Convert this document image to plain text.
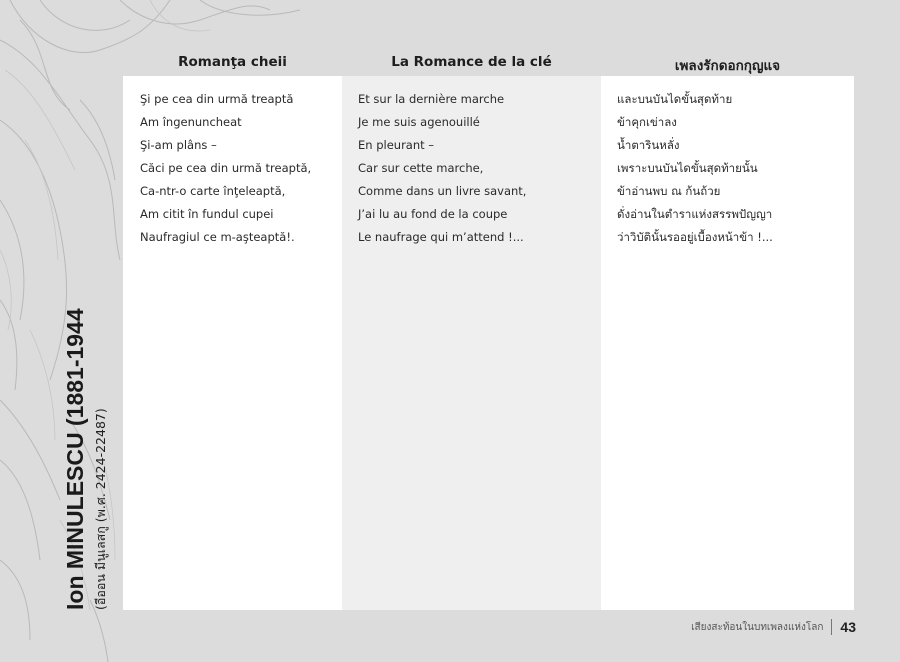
Ion MINULESCU (1881-1944 (อีออน มีนูเลสกู (พ.ศ. 2424-22487)
Romanţa cheii	La Romance de la clé	เพลงรักดอกกุญแจ
Şi pe cea din urmă treaptă
Am îngenuncheat
Şi-am plâns –
Căci pe cea din urmă treaptă,
Ca-ntr-o carte înţeleaptă,
Am citit în fundul cupei
Naufragiul ce m-aşteaptă!.
Et sur la dernière marche
Je me suis agenouillé
En pleurant –
Car sur cette marche,
Comme dans un livre savant,
J’ai lu au fond de la coupe
Le naufrage qui m’attend !...
และบนบันไดขั้นสุดท้าย
ข้าคุกเข่าลง
น้ำตารินหลั่ง
เพราะบนบันไดขั้นสุดท้ายนั้น
ข้าอ่านพบ ณ ก้นถ้วย
ดั่งอ่านในตำราแห่งสรรพปัญญา
ว่าวิบัตินั้นรออยู่เบื้องหน้าข้า !...
เสียงสะท้อนในบทเพลงแห่งโลก 43
